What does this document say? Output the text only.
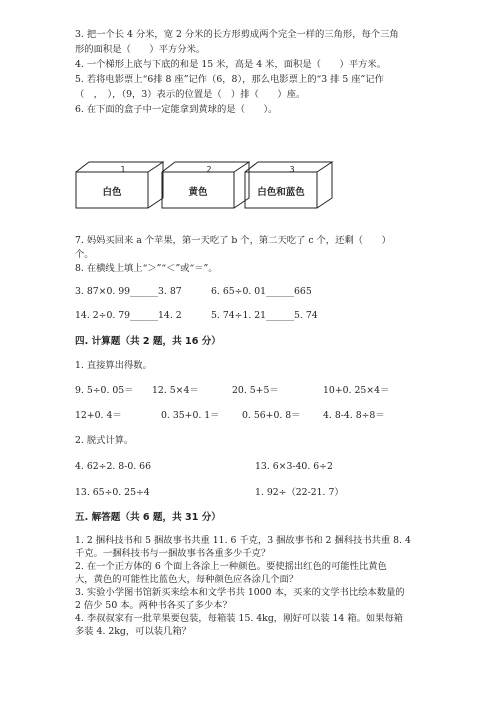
3. 把一个长 4 分米，宽 2 分米的长方形剪成两个完全一样的三角形，每个三角
形的面积是（　　）平方分米。
4. 一个梯形上底与下底的和是 15 米，高是 4 米，面积是（　　）平方米。
5. 若将电影票上“6排 8 座”记作（6，8），那么电影票上的“3 排 5 座”记作
（　，　），（9，3）表示的位置是（　）排（　　）座。
6. 在下面的盒子中一定能拿到黄球的是（　　）。
1
白色
2
黄色
3
白色和蓝色
7. 妈妈买回来 a 个苹果，第一天吃了 b 个，第二天吃了 c 个，还剩（　　）
个。
8. 在横线上填上“＞”“＜”或“＝”。
3. 87×0. 99______3. 87	6. 65÷0. 01______665
14. 2÷0. 79______14. 2	5. 74÷1. 21______5. 74
四. 计算题（共 2 题，共 16 分）
1. 直接算出得数。
9. 5÷0. 05＝ 12. 5×4＝	20. 5+5＝	10+0. 25×4＝
12+0. 4＝	0. 35+0. 1＝ 0. 56+0. 8＝ 4. 8-4. 8÷8＝
2. 脱式计算。
4. 62÷2. 8-0. 66	13. 6×3-40. 6÷2
13. 65÷0. 25÷4	1. 92÷（22-21. 7）
五. 解答题（共 6 题，共 31 分）
1. 2 捆科技书和 5 捆故事书共重 11. 6 千克，3 捆故事书和 2 捆科技书共重 8. 4
千克。一捆科技书与一捆故事书各重多少千克？
2. 在一个正方体的 6 个面上各涂上一种颜色。要使摇出红色的可能性比黄色
大，黄色的可能性比蓝色大，每种颜色应各涂几个面？
3. 实验小学图书馆新买来绘本和文学书共 1000 本，买来的文学书比绘本数量的
2 倍少 50 本。两种书各买了多少本？
4. 李叔叔家有一批苹果要包装，每箱装 15. 4kg，刚好可以装 14 箱。如果每箱
多装 4. 2kg，可以装几箱？
